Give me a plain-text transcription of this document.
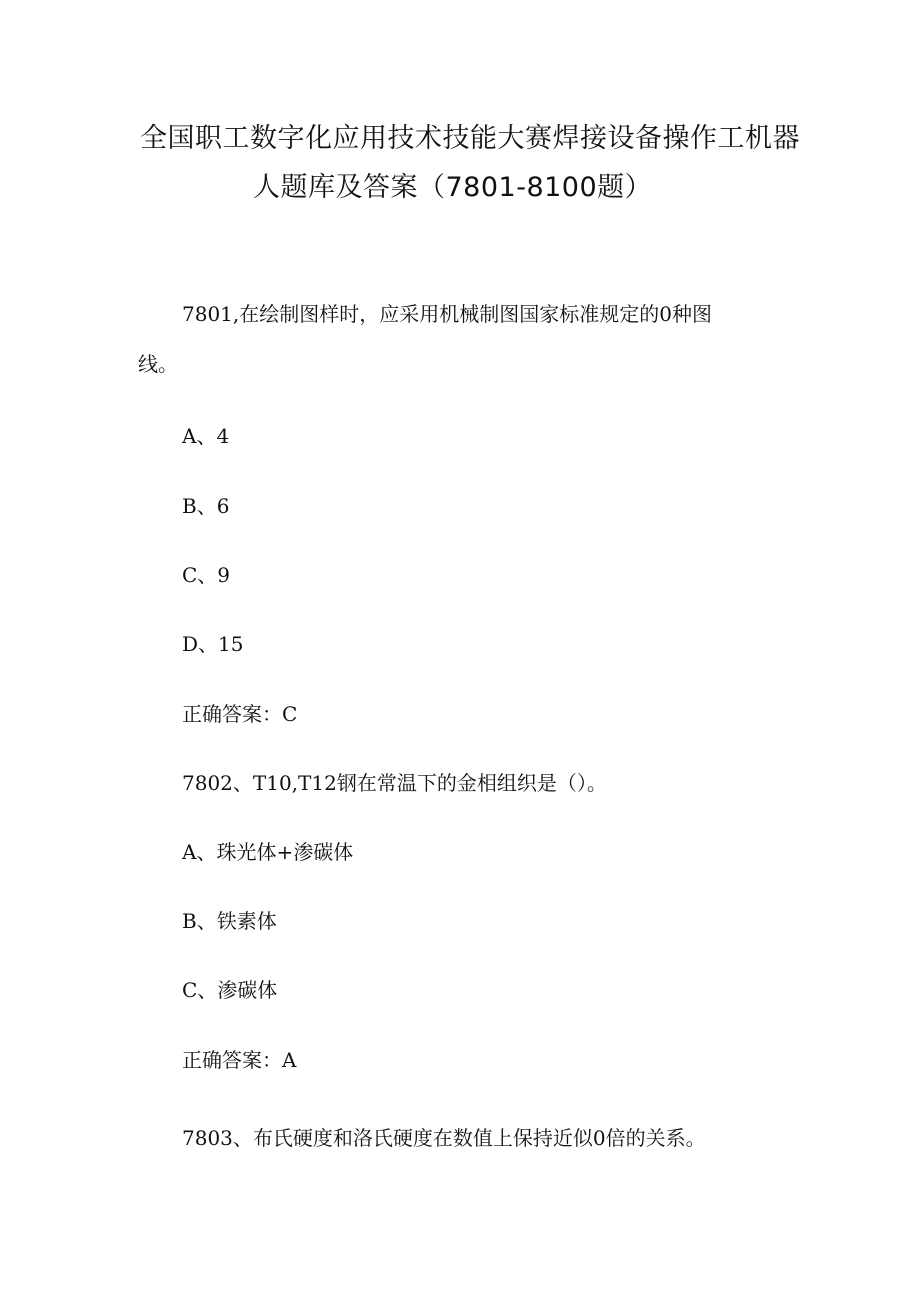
全国职工数字化应用技术技能大赛焊接设备操作工机器
人题库及答案（7801-8100题）
7801,在绘制图样时，应采用机械制图国家标准规定的0种图
线。
A、4
B、6
C、9
D、15
正确答案：C
7802、T10,T12钢在常温下的金相组织是（）。
A、珠光体+渗碳体
B、铁素体
C、渗碳体
正确答案：A
7803、布氏硬度和洛氏硬度在数值上保持近似0倍的关系。
